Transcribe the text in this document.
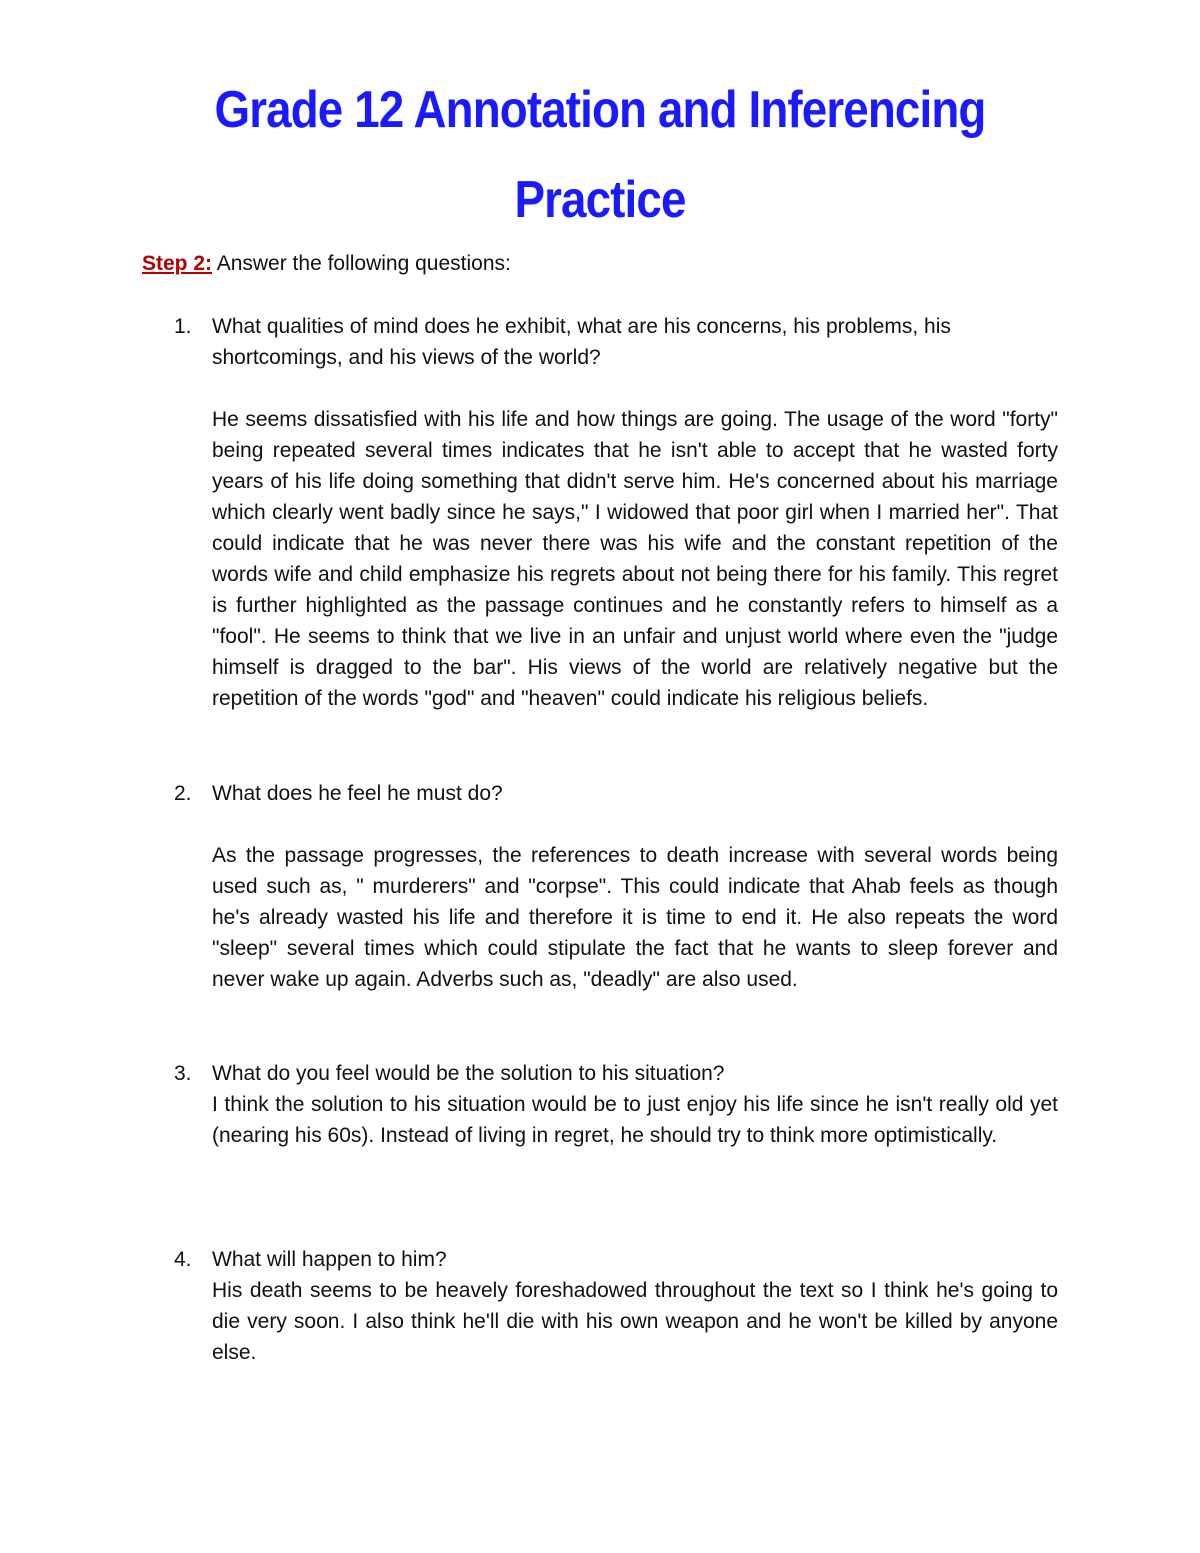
Grade 12 Annotation and Inferencing
Practice

Step 2: Answer the following questions:

1. What qualities of mind does he exhibit, what are his concerns, his problems, his shortcomings, and his views of the world?

He seems dissatisfied with his life and how things are going. The usage of the word "forty" being repeated several times indicates that he isn't able to accept that he wasted forty years of his life doing something that didn't serve him. He's concerned about his marriage which clearly went badly since he says," I widowed that poor girl when I married her". That could indicate that he was never there was his wife and the constant repetition of the words wife and child emphasize his regrets about not being there for his family. This regret is further highlighted as the passage continues and he constantly refers to himself as a "fool". He seems to think that we live in an unfair and unjust world where even the "judge himself is dragged to the bar". His views of the world are relatively negative but the repetition of the words "god" and "heaven" could indicate his religious beliefs.

2. What does he feel he must do?

As the passage progresses, the references to death increase with several words being used such as, " murderers" and "corpse". This could indicate that Ahab feels as though he's already wasted his life and therefore it is time to end it. He also repeats the word "sleep" several times which could stipulate the fact that he wants to sleep forever and never wake up again. Adverbs such as, "deadly" are also used.

3. What do you feel would be the solution to his situation?

I think the solution to his situation would be to just enjoy his life since he isn't really old yet (nearing his 60s). Instead of living in regret, he should try to think more optimistically.

4. What will happen to him?

His death seems to be heavely foreshadowed throughout the text so I think he's going to die very soon. I also think he'll die with his own weapon and he won't be killed by anyone else.
